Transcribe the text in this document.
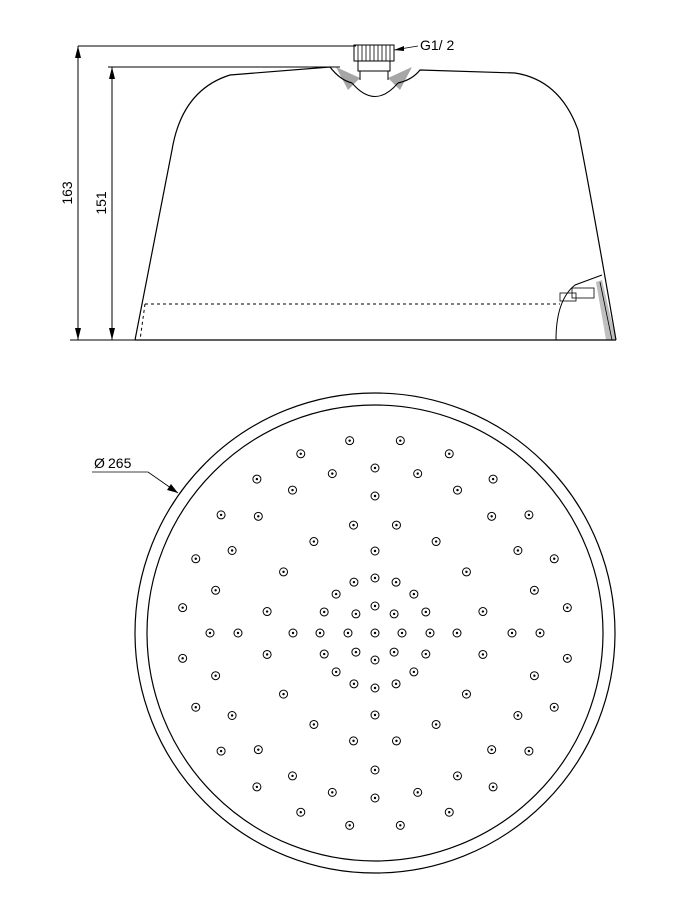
163 151
G1/ 2
Ø 265
